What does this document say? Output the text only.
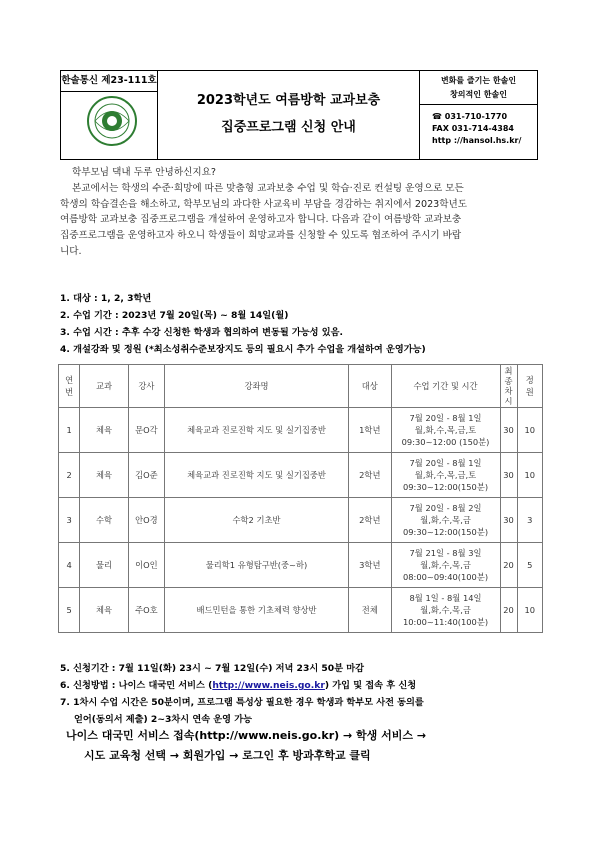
한솔통신 제23-111호
2023학년도 여름방학 교과보충
집중프로그램 신청 안내
변화를 즐기는 한솔인
창의적인 한솔인
☎ 031-710-1770
FAX 031-714-4384
http ://hansol.hs.kr/

학부모님 댁내 두루 안녕하신지요?

본교에서는 학생의 수준·희망에 따른 맞춤형 교과보충 수업 및 학습·진로 컨설팅 운영으로 모든

학생의 학습결손을 해소하고, 학부모님의 과다한 사교육비 부담을 경감하는 취지에서 2023학년도

여름방학 교과보충 집중프로그램을 개설하여 운영하고자 합니다. 다음과 같이 여름방학 교과보충

집중프로그램을 운영하고자 하오니 학생들이 희망교과를 신청할 수 있도록 협조하여 주시기 바랍

니다.

1. 대상 : 1, 2, 3학년
2. 수업 기간 : 2023년 7월 20일(목) ~ 8월 14일(월)
3. 수업 시간 : 추후 수강 신청한 학생과 협의하여 변동될 가능성 있음.
4. 개설강좌 및 정원 (*최소성취수준보장지도 등의 필요시 추가 수업을 개설하여 운영가능)
연
번	교과	강사	강좌명	대상	수업 기간 및 시간	최
종
차
시	정
원
1	체육	문O각	체육교과 진로진학 지도 및 실기집중반	1학년	7월 20일 - 8월 1일
월,화,수,목,금,토
09:30~12:00 (150분)	30	10
2	체육	김O준	체육교과 진로진학 지도 및 실기집중반	2학년	7월 20일 - 8월 1일
월,화,수,목,금,토
09:30~12:00(150분)	30	10
3	수학	안O경	수학2 기초반	2학년	7월 20일 - 8월 2일
월,화,수,목,금
09:30~12:00(150분)	30	3
4	물리	이O인	물리학1 유형탐구반(중~하)	3학년	7월 21일 - 8월 3일
월,화,수,목,금
08:00~09:40(100분)	20	5
5	체육	주O호	배드민턴을 통한 기초체력 향상반	전체	8월 1일 - 8월 14일
월,화,수,목,금
10:00~11:40(100분)	20	10
5. 신청기간 : 7월 11일(화) 23시 ~ 7월 12일(수) 저녁 23시 50분 마감
6. 신청방법 : 나이스 대국민 서비스 (http://www.neis.go.kr) 가입 및 접속 후 신청
7. 1차시 수업 시간은 50분이며, 프로그램 특성상 필요한 경우 학생과 학부모 사전 동의를
얻어(동의서 제출) 2~3차시 연속 운영 가능
나이스 대국민 서비스 접속(http://www.neis.go.kr) → 학생 서비스 →
시도 교육청 선택 → 회원가입 → 로그인 후 방과후학교 클릭
